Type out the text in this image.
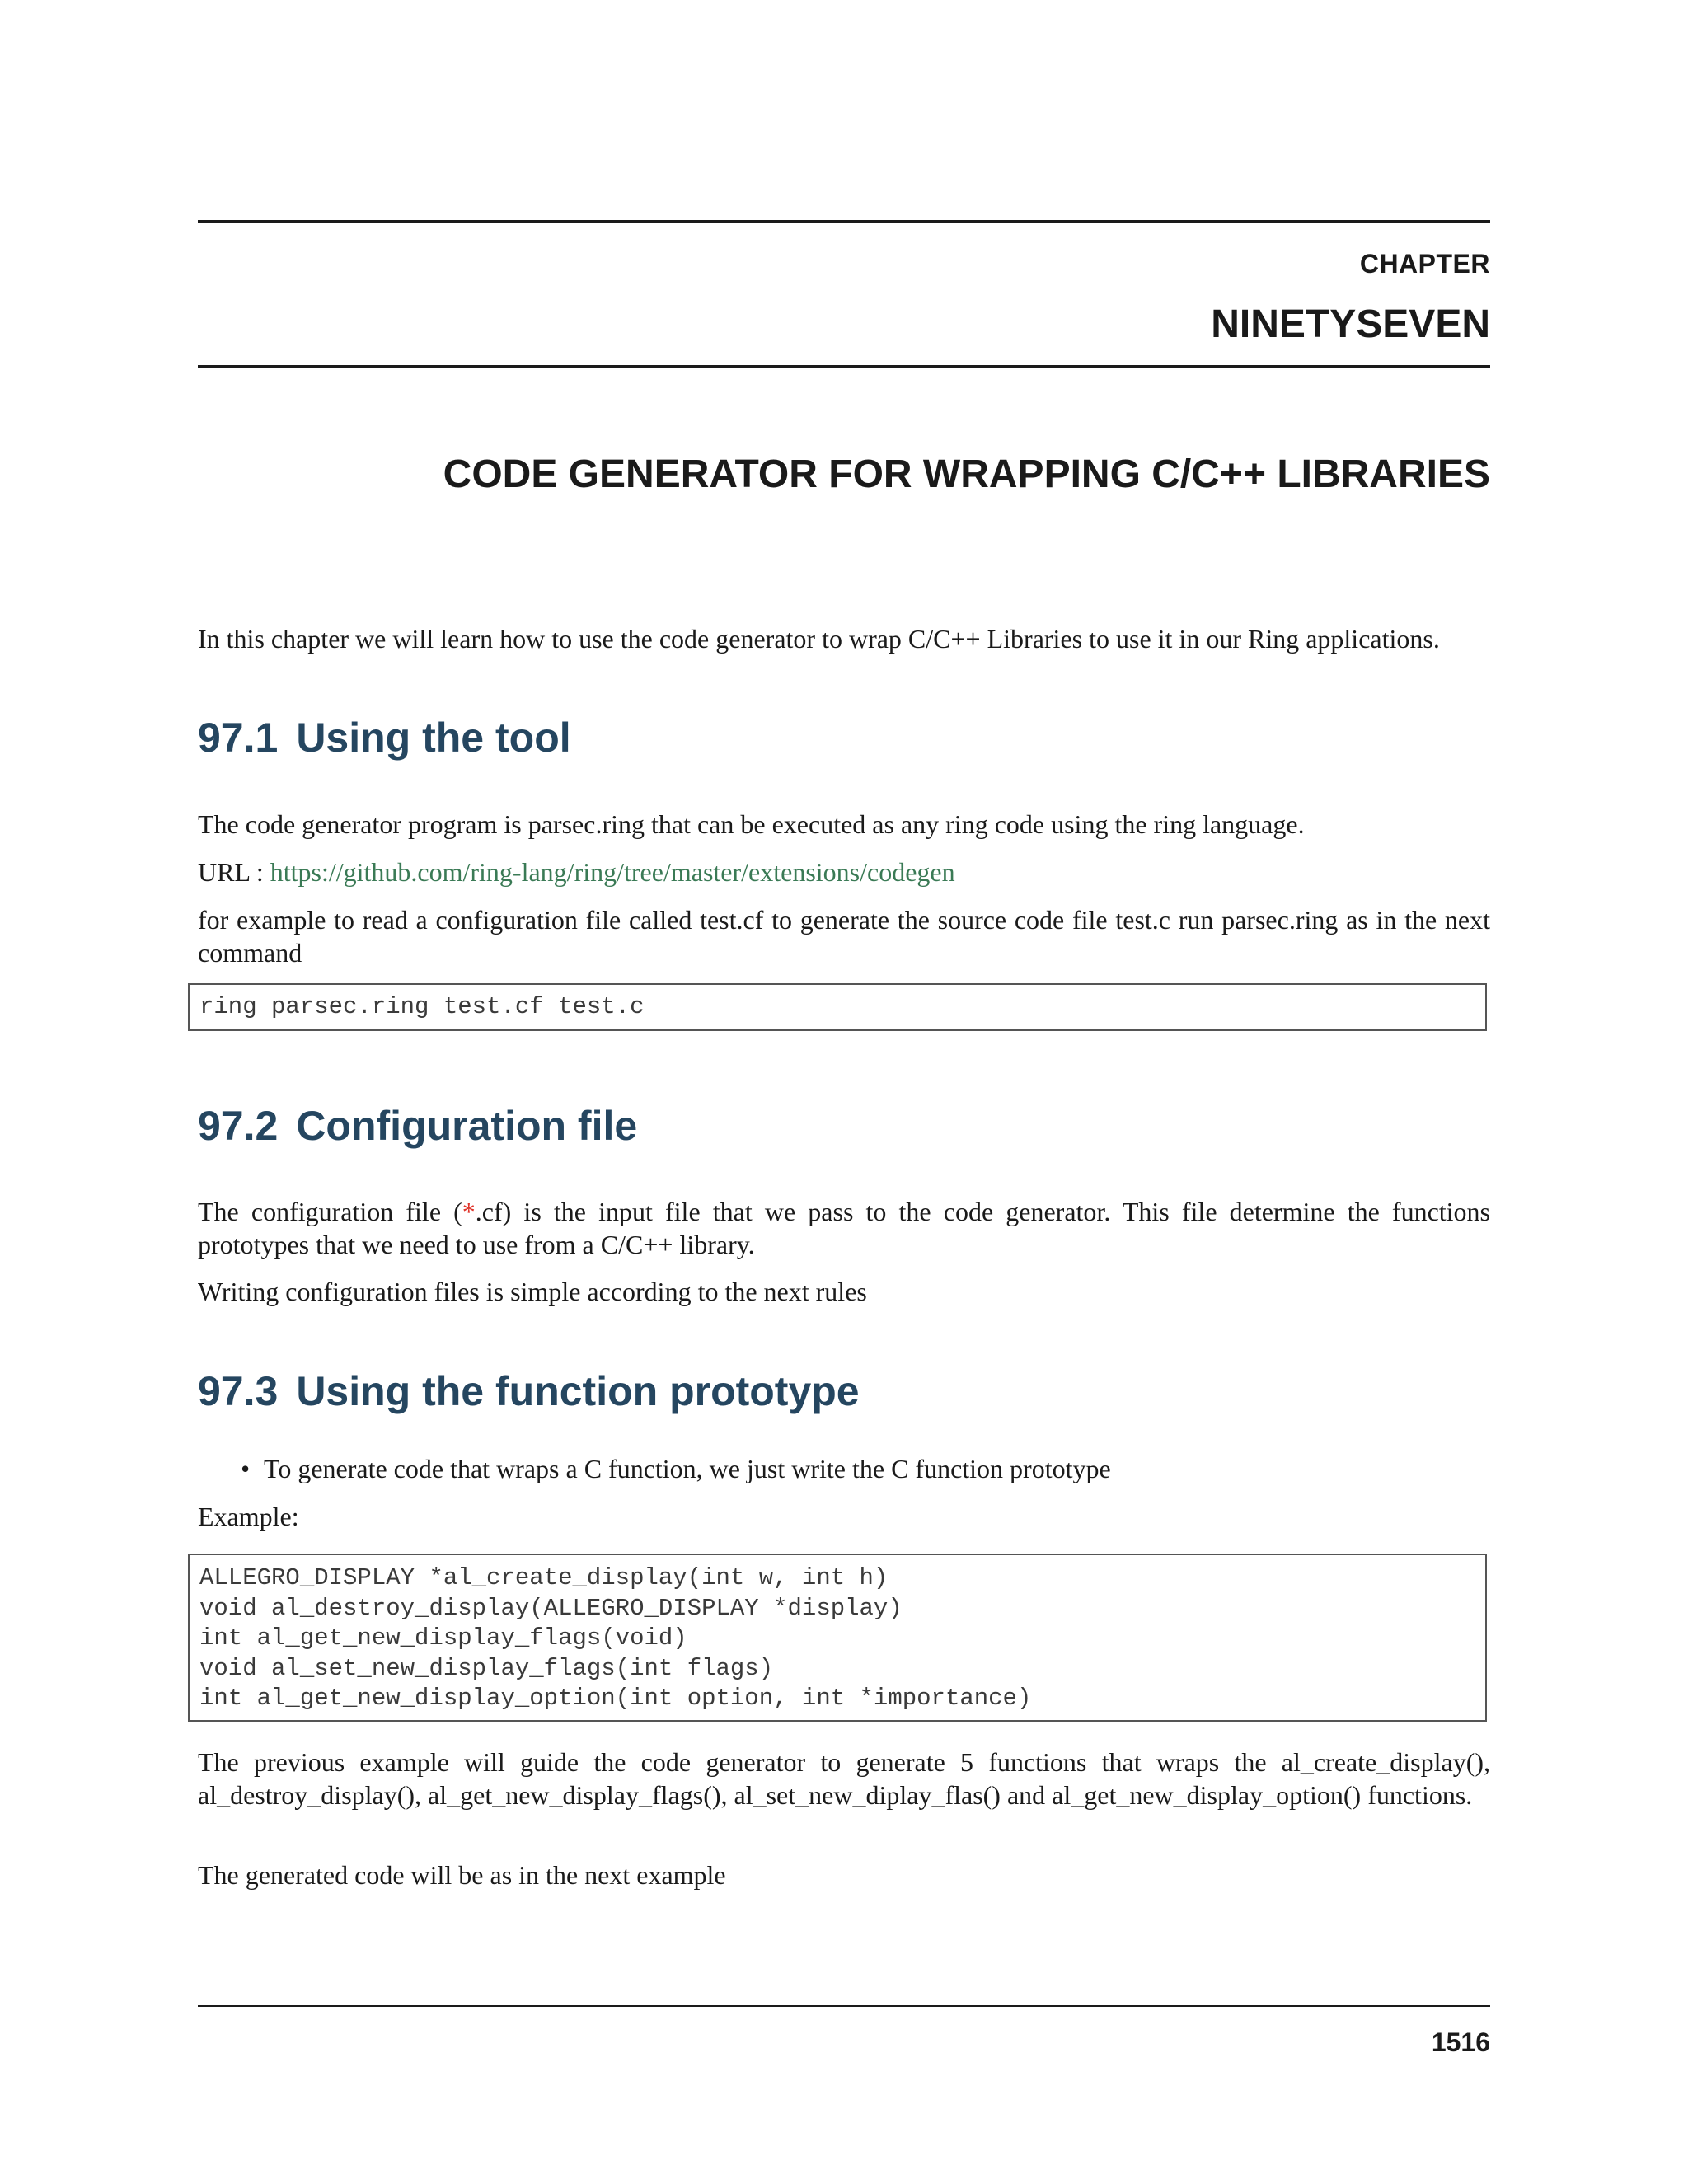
CHAPTER
NINETYSEVEN
CODE GENERATOR FOR WRAPPING C/C++ LIBRARIES

In this chapter we will learn how to use the code generator to wrap C/C++ Libraries to use it in our Ring applications.

97.1 Using the tool

The code generator program is parsec.ring that can be executed as any ring code using the ring language.

URL : https://github.com/ring-lang/ring/tree/master/extensions/codegen

for example to read a configuration file called test.cf to generate the source code file test.c run parsec.ring as in the next command

ring parsec.ring test.cf test.c
97.2 Configuration file

The configuration file (*.cf) is the input file that we pass to the code generator. This file determine the functions prototypes that we need to use from a C/C++ library.

Writing configuration files is simple according to the next rules

97.3 Using the function prototype
• To generate code that wraps a C function, we just write the C function prototype

Example:

ALLEGRO_DISPLAY *al_create_display(int w, int h)
void al_destroy_display(ALLEGRO_DISPLAY *display)
int al_get_new_display_flags(void)
void al_set_new_display_flags(int flags)
int al_get_new_display_option(int option, int *importance)

The previous example will guide the code generator to generate 5 functions that wraps the al_create_display(), al_destroy_display(), al_get_new_display_flags(), al_set_new_diplay_flas() and al_get_new_display_option() functions.

The generated code will be as in the next example

1516
